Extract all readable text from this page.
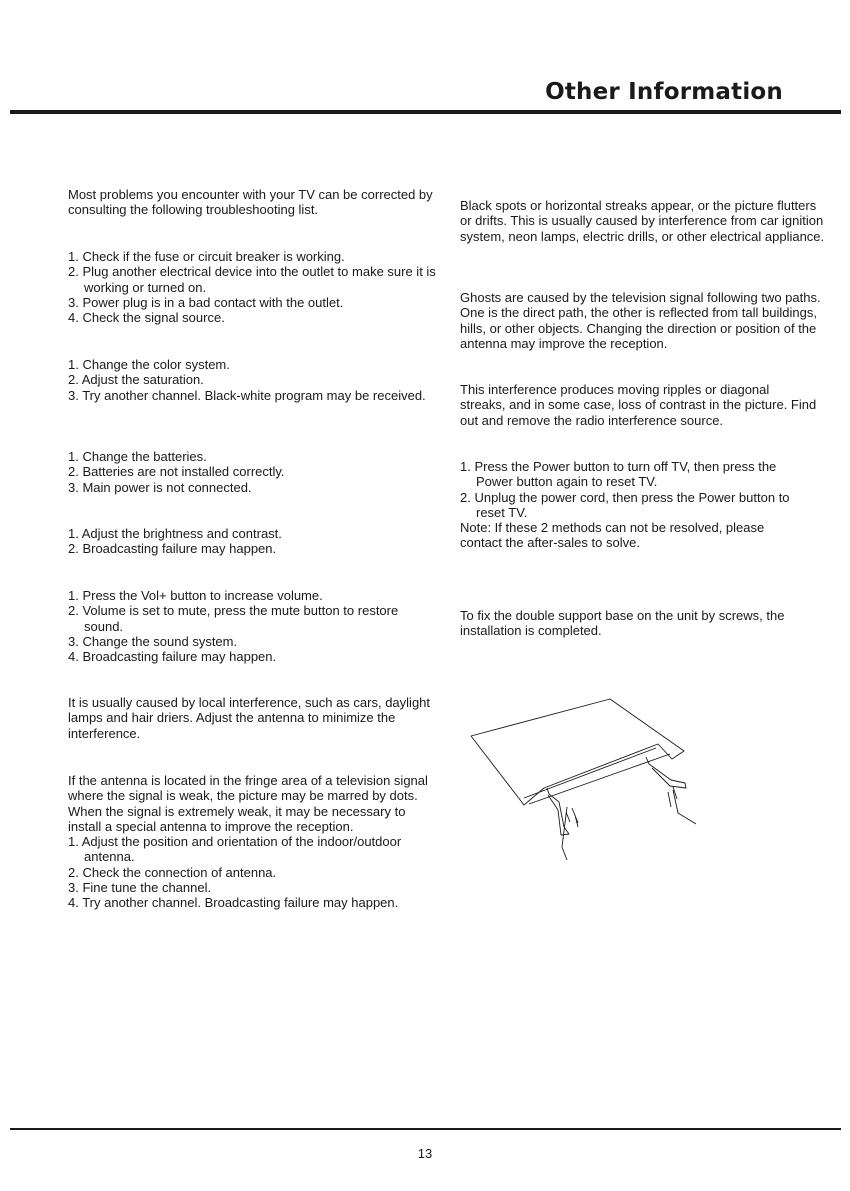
Other Information

Most problems you encounter with your TV can be corrected by consulting the following troubleshooting list.

1. Check if the fuse or circuit breaker is working.

2. Plug another electrical device into the outlet to make sure it is working or turned on.

3. Power plug is in a bad contact with the outlet.

4. Check the signal source.

1. Change the color system.

2. Adjust the saturation.

3. Try another channel. Black-white program may be received.

1. Change the batteries.

2. Batteries are not installed correctly.

3. Main power is not connected.

1. Adjust the brightness and contrast.

2. Broadcasting failure may happen.

1. Press the Vol+ button to increase volume.

2. Volume is set to mute, press the mute button to restore sound.

3. Change the sound system.

4. Broadcasting failure may happen.

It is usually caused by local interference, such as cars, daylight lamps and hair driers. Adjust the antenna to minimize the interference.

If the antenna is located in the fringe area of a television signal where the signal is weak, the picture may be marred by dots. When the signal is extremely weak, it may be necessary to install a special antenna to improve the reception.

1. Adjust the position and orientation of the indoor/outdoor antenna.

2. Check the connection of antenna.

3. Fine tune the channel.

4. Try another channel. Broadcasting failure may happen.

Black spots or horizontal streaks appear, or the picture flutters or drifts. This is usually caused by interference from car ignition system, neon lamps, electric drills, or other electrical appliance.

Ghosts are caused by the television signal following two paths. One is the direct path, the other is reflected from tall buildings, hills, or other objects. Changing the direction or position of the antenna may improve the reception.

This interference produces moving ripples or diagonal streaks, and in some case, loss of contrast in the picture. Find out and remove the radio interference source.

1. Press the Power button to turn off TV, then press the Power button again to reset TV.

2. Unplug the power cord, then press the Power button to reset TV.

Note: If these 2 methods can not be resolved, please contact the after-sales to solve.

To fix the double support base on the unit by screws, the installation is completed.

13
